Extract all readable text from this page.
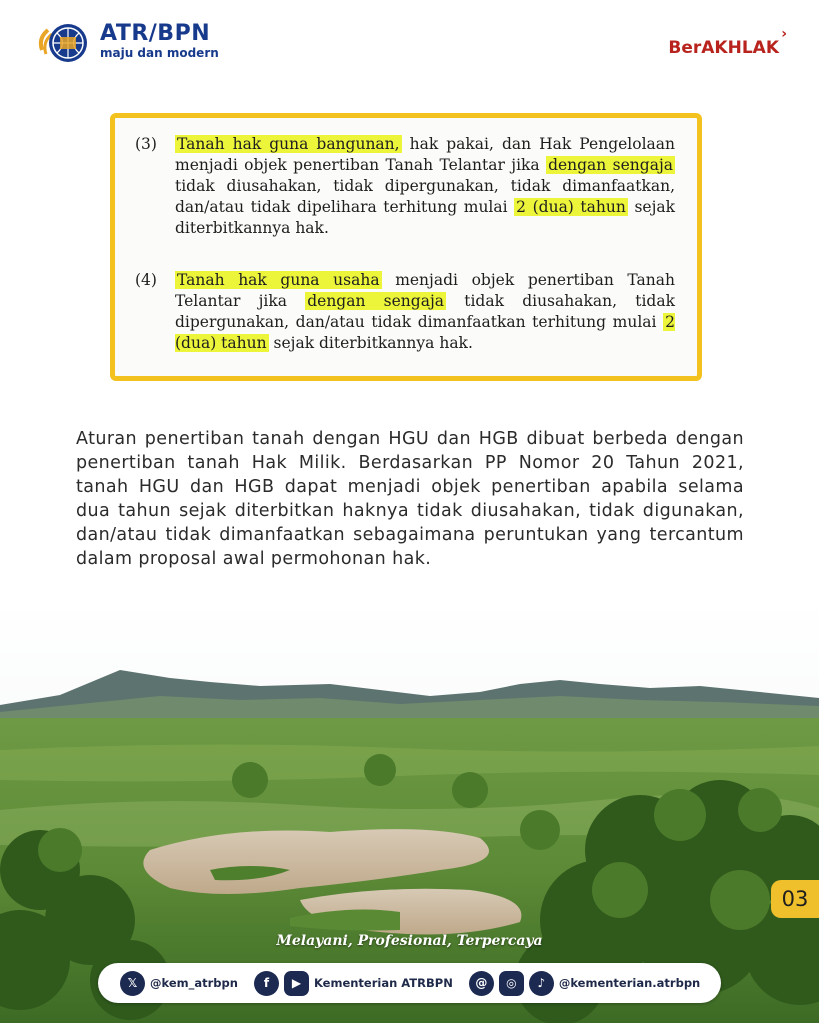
ATR/BPN
maju dan modern	BerAKHLAK
›
(3) Tanah hak guna bangunan, hak pakai, dan Hak Pengelolaan menjadi objek penertiban Tanah Telantar jika dengan sengaja tidak diusahakan, tidak dipergunakan, tidak dimanfaatkan, dan/atau tidak dipelihara terhitung mulai 2 (dua) tahun sejak diterbitkannya hak.
(4) Tanah hak guna usaha menjadi objek penertiban Tanah Telantar jika dengan sengaja tidak diusahakan, tidak dipergunakan, dan/atau tidak dimanfaatkan terhitung mulai 2 (dua) tahun sejak diterbitkannya hak.
Aturan penertiban tanah dengan HGU dan HGB dibuat berbeda dengan penertiban tanah Hak Milik. Berdasarkan PP Nomor 20 Tahun 2021, tanah HGU dan HGB dapat menjadi objek penertiban apabila selama dua tahun sejak diterbitkan haknya tidak diusahakan, tidak digunakan, dan/atau tidak dimanfaatkan sebagaimana peruntukan yang tercantum dalam proposal awal permohonan hak.
03
Melayani, Profesional, Terpercaya
𝕏	@kem_atrbpn	f	▶	Kementerian ATRBPN	@	◎	♪	@kementerian.atrbpn
